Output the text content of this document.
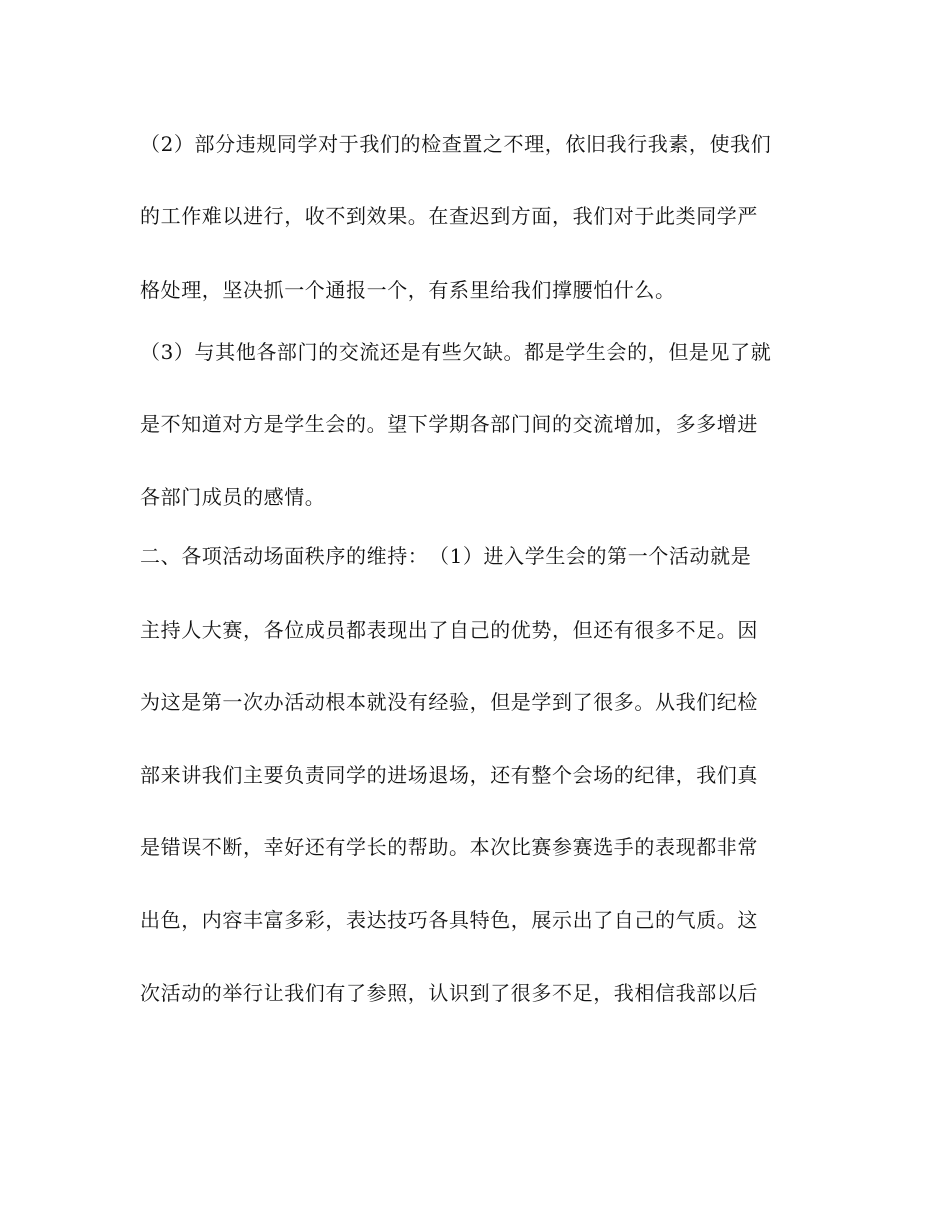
（2）部分违规同学对于我们的检查置之不理，依旧我行我素，使我们
的工作难以进行，收不到效果。在查迟到方面，我们对于此类同学严
格处理，坚决抓一个通报一个，有系里给我们撑腰怕什么。
（3）与其他各部门的交流还是有些欠缺。都是学生会的，但是见了就
是不知道对方是学生会的。望下学期各部门间的交流增加，多多增进
各部门成员的感情。
二、各项活动场面秩序的维持：　（1）进入学生会的第一个活动就是
主持人大赛，各位成员都表现出了自己的优势，但还有很多不足。因
为这是第一次办活动根本就没有经验，但是学到了很多。从我们纪检
部来讲我们主要负责同学的进场退场，还有整个会场的纪律，我们真
是错误不断，幸好还有学长的帮助。本次比赛参赛选手的表现都非常
出色，内容丰富多彩，表达技巧各具特色，展示出了自己的气质。这
次活动的举行让我们有了参照，认识到了很多不足，我相信我部以后
